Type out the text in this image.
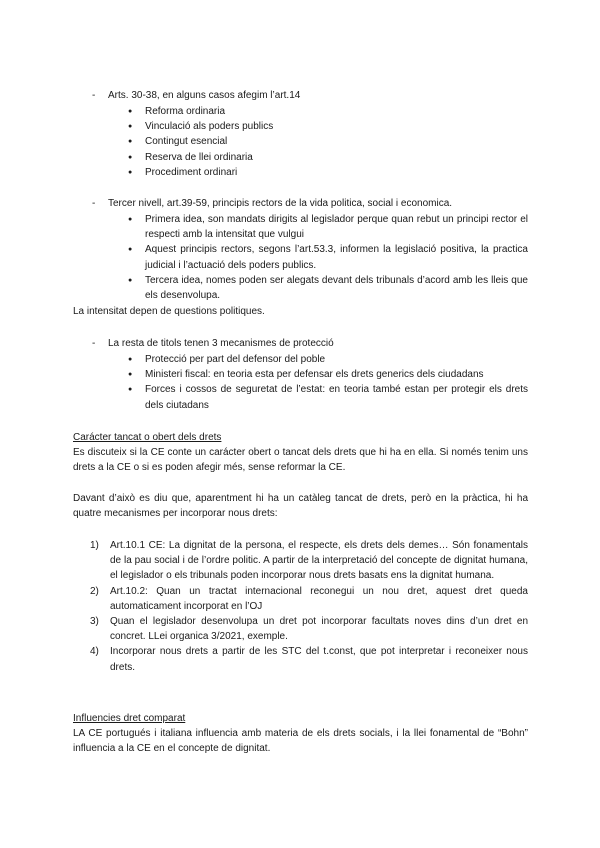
- Arts. 30-38, en alguns casos afegim l’art.14
● Reforma ordinaria
● Vinculació als poders publics
● Contingut esencial
● Reserva de llei ordinaria
● Procediment ordinari
- Tercer nivell, art.39-59, principis rectors de la vida politica, social i economica.
● Primera idea, son mandats dirigits al legislador perque quan rebut un principi rector el respecti amb la intensitat que vulgui
● Aquest principis rectors, segons l’art.53.3, informen la legislació positiva, la practica judicial i l’actuació dels poders publics.
● Tercera idea, nomes poden ser alegats devant dels tribunals d’acord amb les lleis que els desenvolupa.
La intensitat depen de questions politiques.
- La resta de titols tenen 3 mecanismes de protecció
● Protecció per part del defensor del poble
● Ministeri fiscal: en teoria esta per defensar els drets generics dels ciudadans
● Forces i cossos de seguretat de l’estat: en teoria també estan per protegir els drets dels ciutadans
Carácter tancat o obert dels drets
Es discuteix si la CE conte un carácter obert o tancat dels drets que hi ha en ella. Si només tenim uns drets a la CE o si es poden afegir més, sense reformar la CE.
Davant d’això es diu que, aparentment hi ha un catàleg tancat de drets, però en la pràctica, hi ha quatre mecanismes per incorporar nous drets:
1) Art.10.1 CE: La dignitat de la persona, el respecte, els drets dels demes… Són fonamentals de la pau social i de l’ordre politic. A partir de la interpretació del concepte de dignitat humana, el legislador o els tribunals poden incorporar nous drets basats ens la dignitat humana.
2) Art.10.2: Quan un tractat internacional reconegui un nou dret, aquest dret queda automaticament incorporat en l’OJ
3) Quan el legislador desenvolupa un dret pot incorporar facultats noves dins d’un dret en concret. LLei organica 3/2021, exemple.
4) Incorporar nous drets a partir de les STC del t.const, que pot interpretar i reconeixer nous drets.
Influencies dret comparat
LA CE portugués i italiana influencia amb materia de els drets socials, i la llei fonamental de “Bohn” influencia a la CE en el concepte de dignitat.
